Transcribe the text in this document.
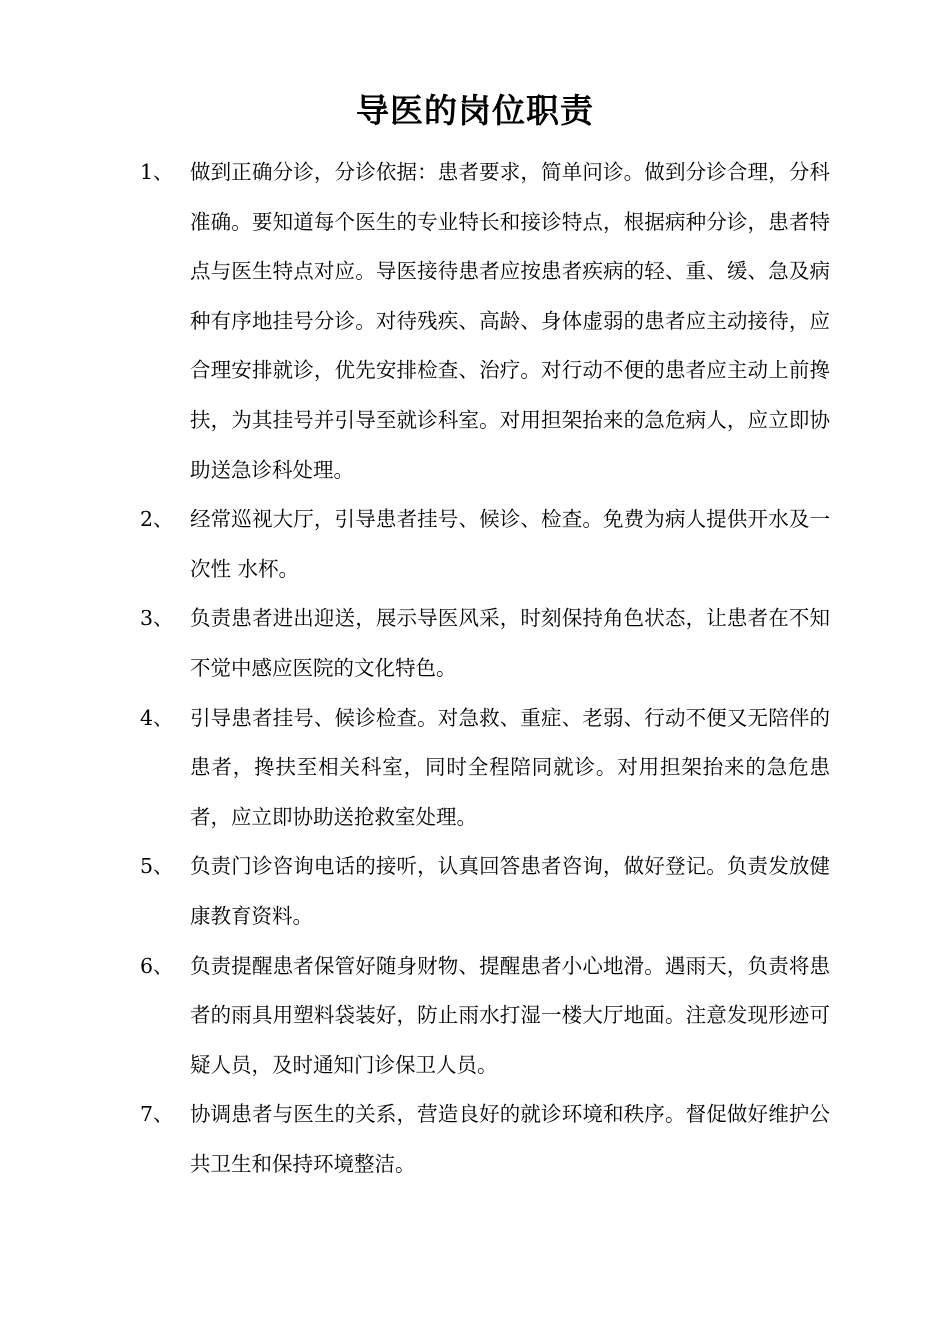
导医的岗位职责
1、 做到正确分诊，分诊依据：患者要求，简单问诊。做到分诊合理，分科准确。要知道每个医生的专业特长和接诊特点，根据病种分诊，患者特点与医生特点对应。导医接待患者应按患者疾病的轻、重、缓、急及病种有序地挂号分诊。对待残疾、高龄、身体虚弱的患者应主动接待，应合理安排就诊，优先安排检查、治疗。对行动不便的患者应主动上前搀扶，为其挂号并引导至就诊科室。对用担架抬来的急危病人，应立即协助送急诊科处理。
2、 经常巡视大厅，引导患者挂号、候诊、检查。免费为病人提供开水及一次性 水杯。
3、 负责患者进出迎送，展示导医风采，时刻保持角色状态，让患者在不知不觉中感应医院的文化特色。
4、 引导患者挂号、候诊检查。对急救、重症、老弱、行动不便又无陪伴的患者，搀扶至相关科室，同时全程陪同就诊。对用担架抬来的急危患者，应立即协助送抢救室处理。
5、 负责门诊咨询电话的接听，认真回答患者咨询，做好登记。负责发放健康教育资料。
6、 负责提醒患者保管好随身财物、提醒患者小心地滑。遇雨天，负责将患者的雨具用塑料袋装好，防止雨水打湿一楼大厅地面。注意发现形迹可疑人员，及时通知门诊保卫人员。
7、 协调患者与医生的关系，营造良好的就诊环境和秩序。督促做好维护公共卫生和保持环境整洁。
